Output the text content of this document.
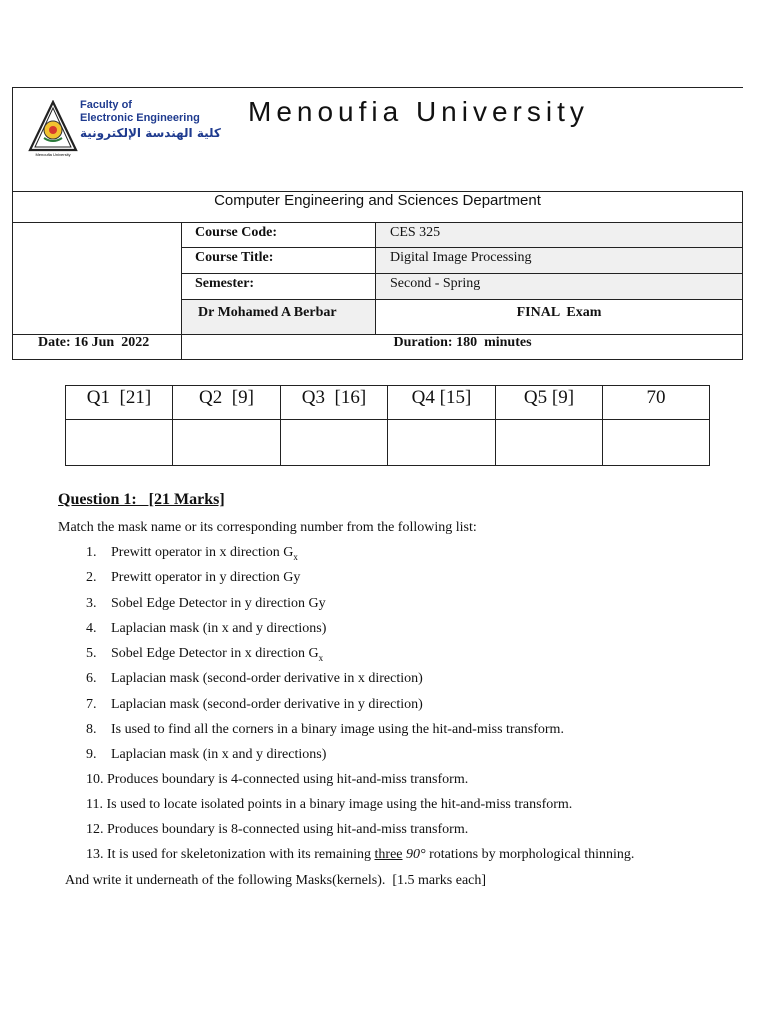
Menoufia University
Faculty of
Electronic Engineering
كلية الهندسة الإلكترونية
Menoufia University
Computer Engineering and Sciences Department
Course Code:	CES 325
Course Title:	Digital Image Processing
Semester:	Second - Spring
Dr Mohamed A Berbar	FINAL  Exam
Date: 16 Jun  2022	Duration: 180  minutes
Q1  [21]	Q2  [9]	Q3  [16]	Q4 [15]	Q5 [9]	70
Question 1:   [21 Marks]
Match the mask name or its corresponding number from the following list:
1. Prewitt operator in x direction $G_x$
2. Prewitt operator in y direction Gy
3. Sobel Edge Detector in y direction Gy
4. Laplacian mask (in x and y directions)
5. Sobel Edge Detector in x direction $G_x$
6. Laplacian mask (second-order derivative in x direction)
7. Laplacian mask (second-order derivative in y direction)
8. Is used to find all the corners in a binary image using the hit-and-miss transform.
9. Laplacian mask (in x and y directions)
10. Produces boundary is 4-connected using hit-and-miss transform.
11. Is used to locate isolated points in a binary image using the hit-and-miss transform.
12. Produces boundary is 8-connected using hit-and-miss transform.
13. It is used for skeletonization with its remaining three 90° rotations by morphological thinning.
And write it underneath of the following Masks(kernels).  [1.5 marks each]
